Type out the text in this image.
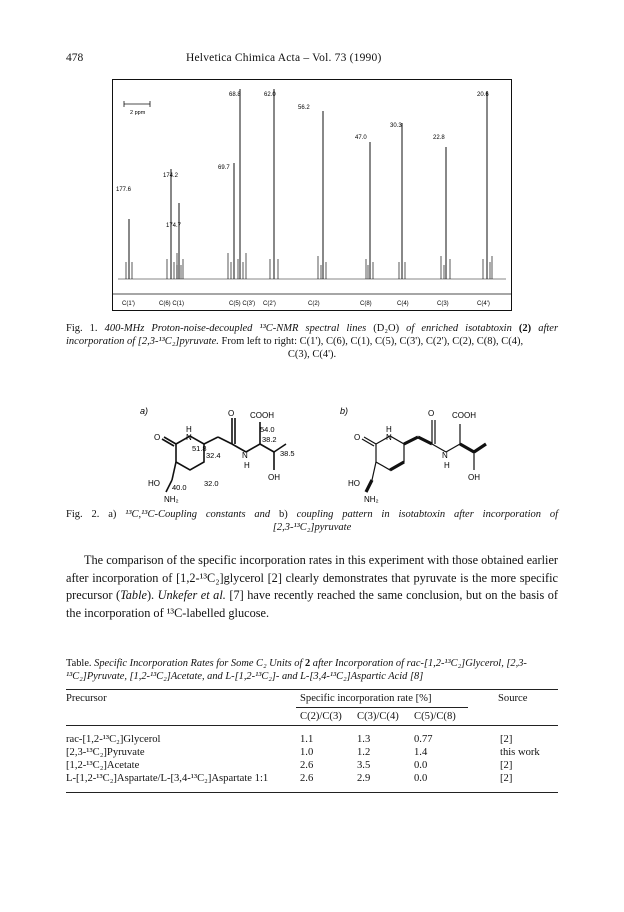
478	Helvetica Chimica Acta – Vol. 73 (1990)
2 ppm
177.6
174.2
174.7
69.7
68.8	62.0
56.2
47.0
30.3
22.8
20.6
C(1')	C(6) C(1)	C(5) C(3') C(2')	C(2)	C(8)	C(4)	C(3)	C(4')
Fig. 1. 400-MHz Proton-noise-decoupled ¹³C-NMR spectral lines (D₂O) of enriched isotabtoxin (2) after incorporation of [2,3-¹³C₂]pyruvate. From left to right: C(1'), C(6), C(1), C(5), C(3'), C(2'), C(2), C(8), C(4),
C(3), C(4').
a)
O
H
N
O
N
H
COOH
OH
HO
NH₂
54.0
51.8
38.2
38.5
32.4
40.0 32.0
b)
O
H
N
O
N
H
COOH
OH
HO
NH₂
Fig. 2. a) ¹³C,¹³C-Coupling constants and b) coupling pattern in isotabtoxin after incorporation of
[2,3-¹³C₂]pyruvate
The comparison of the specific incorporation rates in this experiment with those obtained earlier after incorporation of [1,2-¹³C₂]glycerol [2] clearly demonstrates that pyruvate is the more specific precursor (Table). Unkefer et al. [7] have recently reached the same conclusion, but on the basis of the incorporation of ¹³C-labelled glucose.
Table. Specific Incorporation Rates for Some C₂ Units of 2 after Incorporation of rac-[1,2-¹³C₂]Glycerol, [2,3-¹³C₂]Pyruvate, [1,2-¹³C₂]Acetate, and L-[1,2-¹³C₂]- and L-[3,4-¹³C₂]Aspartic Acid [8]
Precursor	Specific incorporation rate [%]	Source
C(2)/C(3) C(3)/C(4) C(5)/C(8)
rac-[1,2-¹³C₂]Glycerol	1.1	1.3	0.77	[2]
[2,3-¹³C₂]Pyruvate	1.0	1.2	1.4	this work
[1,2-¹³C₂]Acetate	2.6	3.5	0.0	[2]
L-[1,2-¹³C₂]Aspartate/L-[3,4-¹³C₂]Aspartate 1:1	2.6	2.9	0.0	[2]
